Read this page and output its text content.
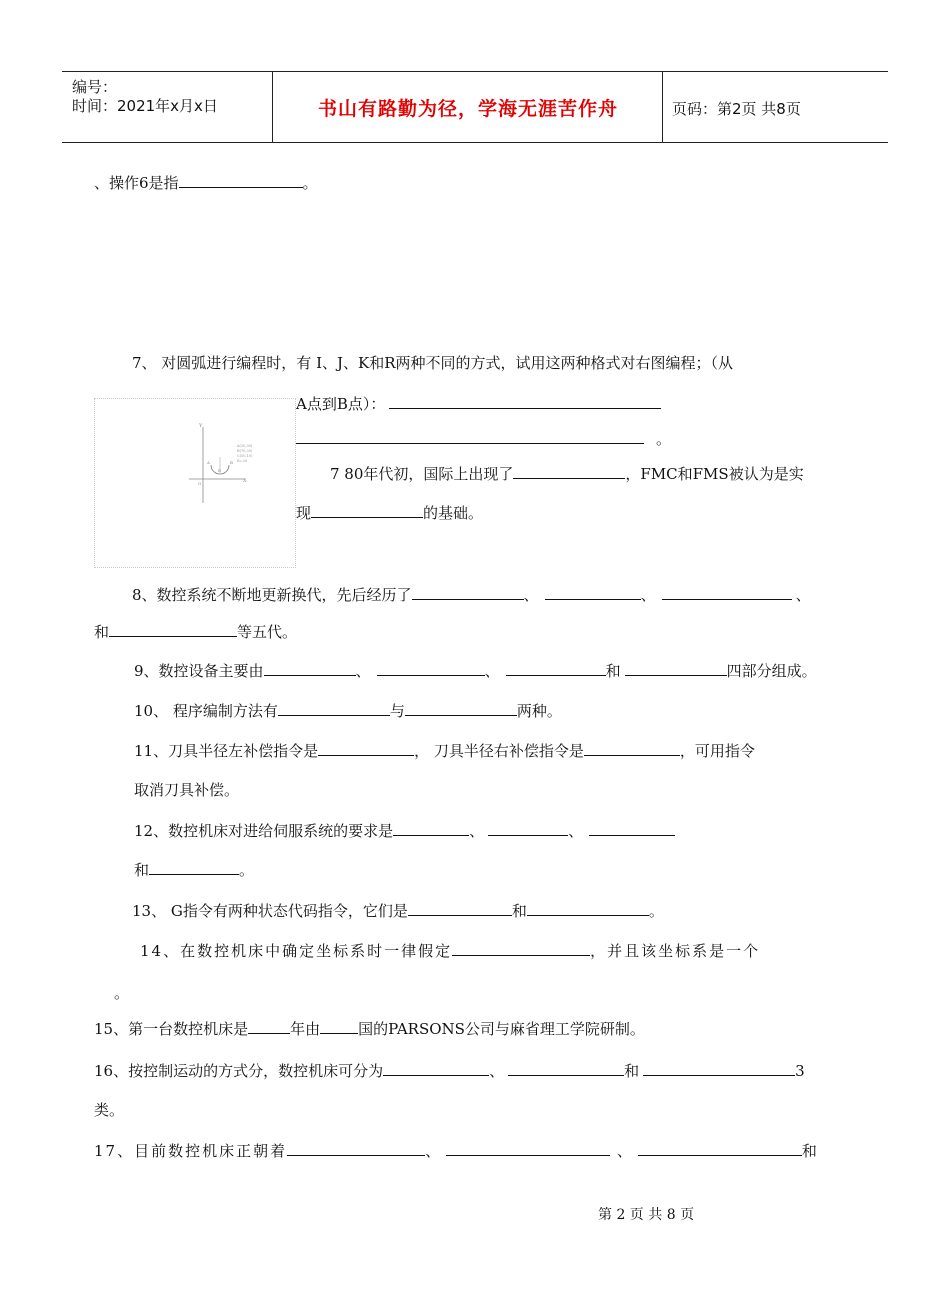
编号：
时间：2021年x月x日	书山有路勤为径，学海无涯苦作舟	页码：第2页 共8页
、操作6是指	。
7、 对圆弧进行编程时，有 I、J、K和R两种不同的方式，试用这两种格式对右图编程；（从
A点到B点）：
。
Y
X
O
A	B
R
A(30,30)
B(70,30)
C(50,10)
R=20
7 80年代初，国际上出现了	，FMC和FMS被认为是实
现	的基础。
8、数控系统不断地更新换代，先后经历了	、	、	、
和	等五代。
9、数控设备主要由	、	、	和	四部分组成。
10、 程序编制方法有	与	两种。
11、刀具半径左补偿指令是	， 刀具半径右补偿指令是	，可用指令
取消刀具补偿。
12、数控机床对进给伺服系统的要求是	、	、
和	。
13、 G指令有两种状态代码指令，它们是	和	。
14、在数控机床中确定坐标系时一律假定	，并且该坐标系是一个
。
15、第一台数控机床是	年由	国的PARSONS公司与麻省理工学院研制。
16、按控制运动的方式分，数控机床可分为	、	和	3
类。
17、目前数控机床正朝着	、	、	和
第 2 页 共 8 页
